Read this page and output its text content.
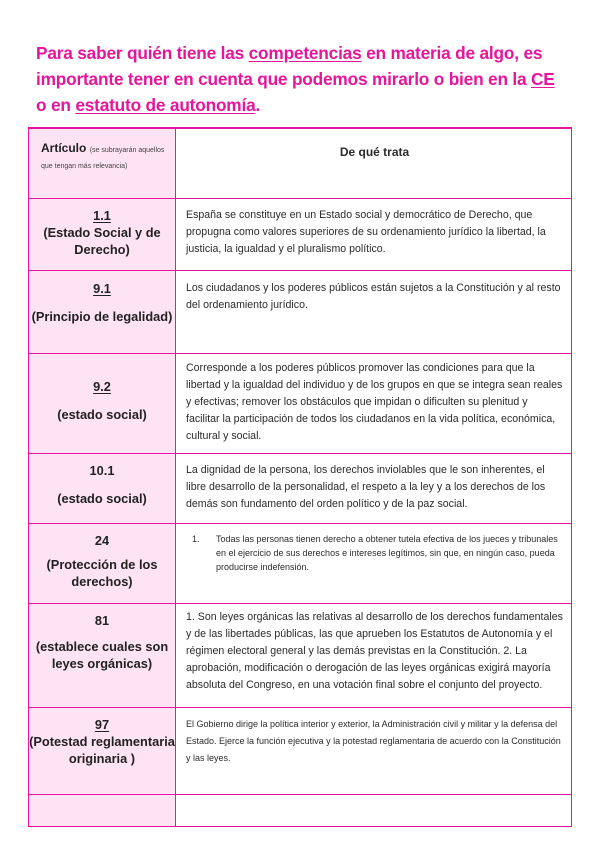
Para saber quién tiene las competencias en materia de algo, es importante tener en cuenta que podemos mirarlo o bien en la CE o en estatuto de autonomía.
Artículo (se subrayarán aquellos que tengan más relevancia)	De qué trata
1.1
(Estado Social y de Derecho)	España se constituye en un Estado social y democrático de Derecho, que propugna como valores superiores de su ordenamiento jurídico la libertad, la justicia, la igualdad y el pluralismo político.
9.1

(Principio de legalidad)	Los ciudadanos y los poderes públicos están sujetos a la Constitución y al resto del ordenamiento jurídico.
9.2

(estado social)	Corresponde a los poderes públicos promover las condiciones para que la libertad y la igualdad del individuo y de los grupos en que se integra sean reales y efectivas; remover los obstáculos que impidan o dificulten su plenitud y facilitar la participación de todos los ciudadanos en la vida política, económica, cultural y social.
10.1

(estado social)	La dignidad de la persona, los derechos inviolables que le son inherentes, el libre desarrollo de la personalidad, el respeto a la ley y a los derechos de los demás son fundamento del orden político y de la paz social.
24

(Protección de los derechos)	1. Todas las personas tienen derecho a obtener tutela efectiva de los jueces y tribunales en el ejercicio de sus derechos e intereses legítimos, sin que, en ningún caso, pueda producirse indefensión.

81

(establece cuales son leyes orgánicas)	1. Son leyes orgánicas las relativas al desarrollo de los derechos fundamentales y de las libertades públicas, las que aprueben los Estatutos de Autonomía y el régimen electoral general y las demás previstas en la Constitución. 2. La aprobación, modificación o derogación de las leyes orgánicas exigirá mayoría absoluta del Congreso, en una votación final sobre el conjunto del proyecto.
97
(Potestad reglamentaria originaria )	El Gobierno dirige la política interior y exterior, la Administración civil y militar y la defensa del Estado. Ejerce la función ejecutiva y la potestad reglamentaria de acuerdo con la Constitución y las leyes.
